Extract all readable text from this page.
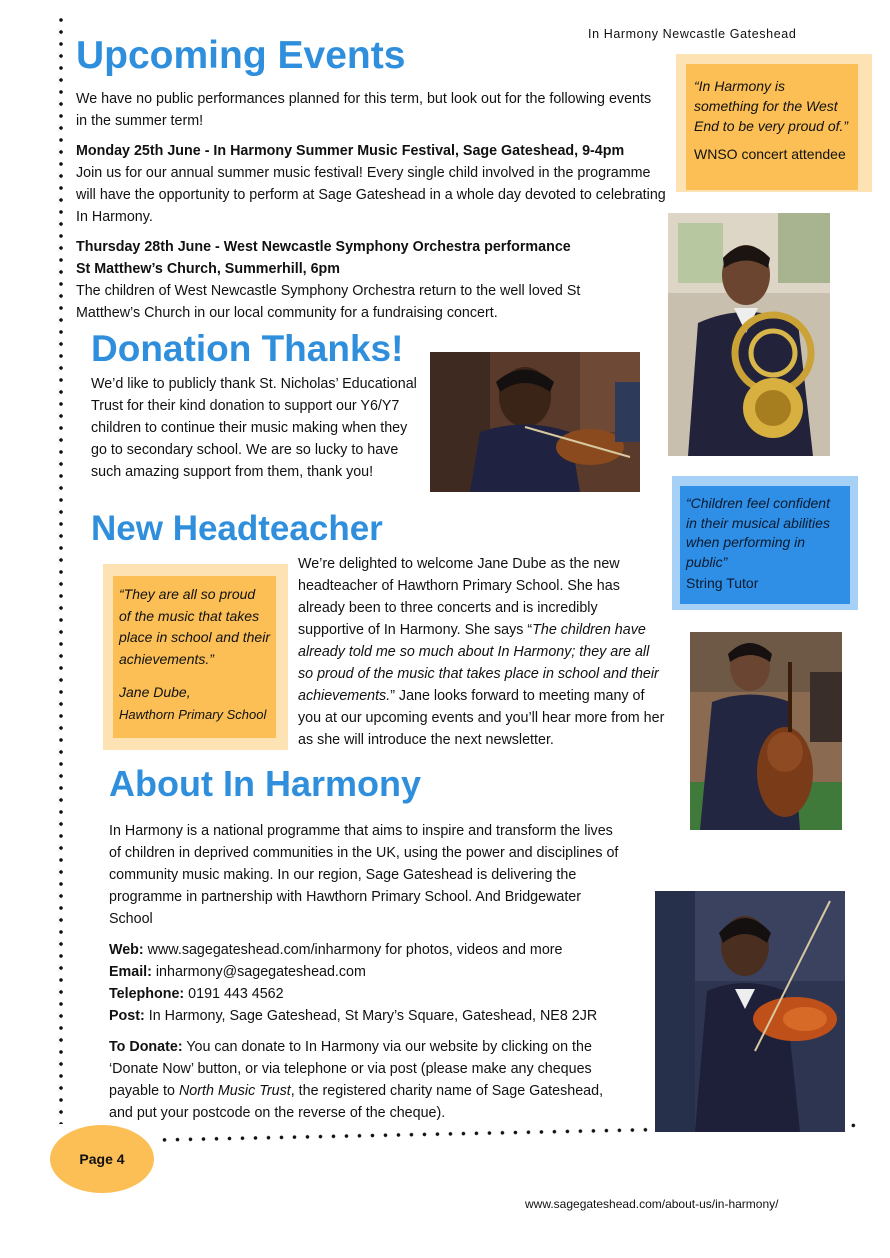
In Harmony Newcastle Gateshead
Upcoming Events

We have no public performances planned for this term, but look out for the following events in the summer term!

Monday 25th June - In Harmony Summer Music Festival, Sage Gateshead, 9-4pm

Join us for our annual summer music festival! Every single child involved in the programme will have the opportunity to perform at Sage Gateshead in a whole day devoted to celebrating In Harmony.

Thursday 28th June - West Newcastle Symphony Orchestra performance

St Matthew’s Church, Summerhill, 6pm

The children of West Newcastle Symphony Orchestra return to the well loved St Matthew’s Church in our local community for a fundraising concert.

“In Harmony is something for the West End to be very proud of.”
WNSO concert attendee
Donation Thanks!
We’d like to publicly thank St. Nicholas’ Educational Trust for their kind donation to support our Y6/Y7 children to continue their music making when they go to secondary school. We are so lucky to have such amazing support from them, thank you!
“Children feel confident in their musical abilities when performing in public”
String Tutor
New Headteacher
We’re delighted to welcome Jane Dube as the new headteacher of Hawthorn Primary School. She has already been to three concerts and is incredibly supportive of In Harmony. She says “The children have already told me so much about In Harmony; they are all so proud of the music that takes place in school and their achievements.” Jane looks forward to meeting many of you at our upcoming events and you’ll hear more from her as she will introduce the next newsletter.
“They are all so proud of the music that takes place in school and their achievements.”
Jane Dube,
Hawthorn Primary School
About In Harmony

In Harmony is a national programme that aims to inspire and transform the lives of children in deprived communities in the UK, using the power and disciplines of community music making. In our region, Sage Gateshead is delivering the programme in partnership with Hawthorn Primary School. And Bridgewater School

Web: www.sagegateshead.com/inharmony for photos, videos and more

Email: inharmony@sagegateshead.com

Telephone: 0191 443 4562

Post: In Harmony, Sage Gateshead, St Mary’s Square, Gateshead, NE8 2JR

To Donate: You can donate to In Harmony via our website by clicking on the ‘Donate Now’ button, or via telephone or via post (please make any cheques payable to North Music Trust, the registered charity name of Sage Gateshead, and put your postcode on the reverse of the cheque).

Page 4
www.sagegateshead.com/about-us/in-harmony/
